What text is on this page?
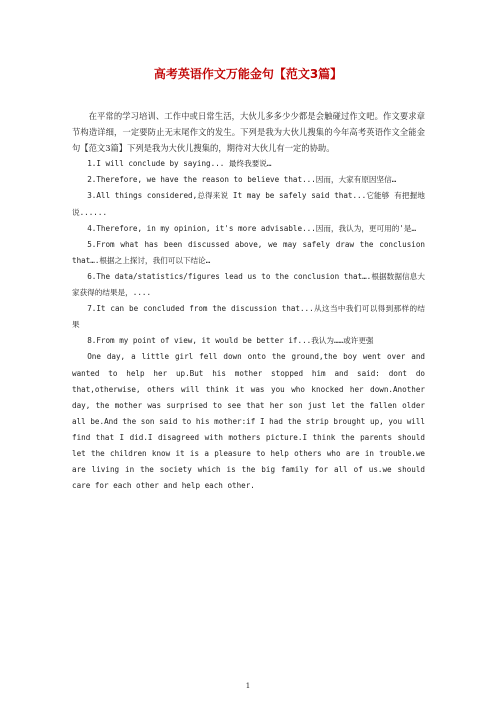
高考英语作文万能金句【范文3篇】

在平常的学习培训、工作中或日常生活，大伙儿多多少少都是会触碰过作文吧。作文要求章节构造详细，一定要防止无末尾作文的发生。下列是我为大伙儿搜集的今年高考英语作文全能金句【范文3篇】下列是我为大伙儿搜集的，期待对大伙儿有一定的协助。

1.I will conclude by saying... 最终我要说…

2.Therefore, we have the reason to believe that...因而，大家有原因坚信…

3.All things considered,总得来说 It may be safely said that...它能够 有把握地说......

4.Therefore, in my opinion, it's more advisable...因而，我认为，更可用的'是…

5.From what has been discussed above, we may safely draw the conclusion that….根据之上探讨，我们可以下结论…

6.The data/statistics/figures lead us to the conclusion that….根据数据信息大家获得的结果是，....

7.It can be concluded from the discussion that...从这当中我们可以得到那样的结果

8.From my point of view, it would be better if...我认为……或许更强

One day, a little girl fell down onto the ground,the boy went over and wanted to help her up.But his mother stopped him and said: dont do that,otherwise, others will think it was you who knocked her down.Another day, the mother was surprised to see that her son just let the fallen older all be.And the son said to his mother:if I had the strip brought up, you will find that I did.I disagreed with mothers picture.I think the parents should let the children know it is a pleasure to help others who are in trouble.we are living in the society which is the big family for all of us.we should care for each other and help each other.

1
